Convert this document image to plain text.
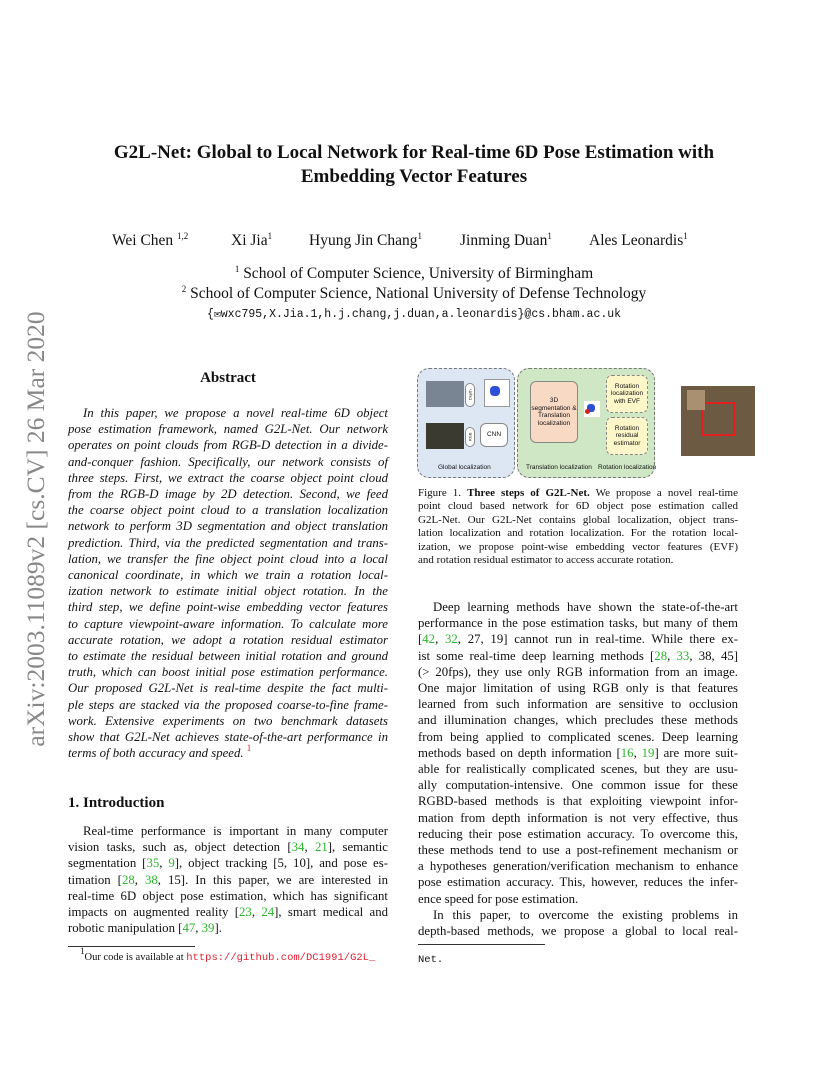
arXiv:2003.11089v2 [cs.CV] 26 Mar 2020
G2L-Net: Global to Local Network for Real-time 6D Pose Estimation with
Embedding Vector Features
Wei Chen $^{1,2}$	Xi Jia$^1$ Hyung Jin Chang$^1$ Jinming Duan$^1$ Ales Leonardis$^1$
$^1$ School of Computer Science, University of Birmingham
$^2$ School of Computer Science, National University of Defense Technology
{✉wxc795,X.Jia.1,h.j.chang,j.duan,a.leonardis}@cs.bham.ac.uk
Abstract

In this paper, we propose a novel real-time 6D object

pose estimation framework, named G2L-Net. Our network

operates on point clouds from RGB-D detection in a divide-

and-conquer fashion. Specifically, our network consists of

three steps. First, we extract the coarse object point cloud

from the RGB-D image by 2D detection. Second, we feed

the coarse object point cloud to a translation localization

network to perform 3D segmentation and object translation

prediction. Third, via the predicted segmentation and trans-

lation, we transfer the fine object point cloud into a local

canonical coordinate, in which we train a rotation local-

ization network to estimate initial object rotation. In the

third step, we define point-wise embedding vector features

to capture viewpoint-aware information. To calculate more

accurate rotation, we adopt a rotation residual estimator

to estimate the residual between initial rotation and ground

truth, which can boost initial pose estimation performance.

Our proposed G2L-Net is real-time despite the fact multi-

ple steps are stacked via the proposed coarse-to-fine frame-

work. Extensive experiments on two benchmark datasets

show that G2L-Net achieves state-of-the-art performance in

terms of both accuracy and speed. $^1$

1. Introduction

Real-time performance is important in many computer

vision tasks, such as, object detection [34, 21], semantic

segmentation [35, 9], object tracking [5, 10], and pose es-

timation [28, 38, 15]. In this paper, we are interested in

real-time 6D object pose estimation, which has significant

impacts on augmented reality [23, 24], smart medical and

robotic manipulation [47, 39].

$^1$Our code is available at https://github.com/DC1991/G2L_	Net.
Depth
RGB	CNN
Global localization
3D segmentation & Translation localization
Rotation localization with EVF
Rotation residual estimator
Translation localization Rotation localization

Figure 1. Three steps of G2L-Net. We propose a novel real-time

point cloud based network for 6D object pose estimation called

G2L-Net. Our G2L-Net contains global localization, object trans-

lation localization and rotation localization. For the rotation local-

ization, we propose point-wise embedding vector features (EVF)

and rotation residual estimator to access accurate rotation.

Deep learning methods have shown the state-of-the-art

performance in the pose estimation tasks, but many of them

[42, 32, 27, 19] cannot run in real-time. While there ex-

ist some real-time deep learning methods [28, 33, 38, 45]

(> 20fps), they use only RGB information from an image.

One major limitation of using RGB only is that features

learned from such information are sensitive to occlusion

and illumination changes, which precludes these methods

from being applied to complicated scenes. Deep learning

methods based on depth information [16, 19] are more suit-

able for realistically complicated scenes, but they are usu-

ally computation-intensive. One common issue for these

RGBD-based methods is that exploiting viewpoint infor-

mation from depth information is not very effective, thus

reducing their pose estimation accuracy. To overcome this,

these methods tend to use a post-refinement mechanism or

a hypotheses generation/verification mechanism to enhance

pose estimation accuracy. This, however, reduces the infer-

ence speed for pose estimation.

In this paper, to overcome the existing problems in

depth-based methods, we propose a global to local real-
